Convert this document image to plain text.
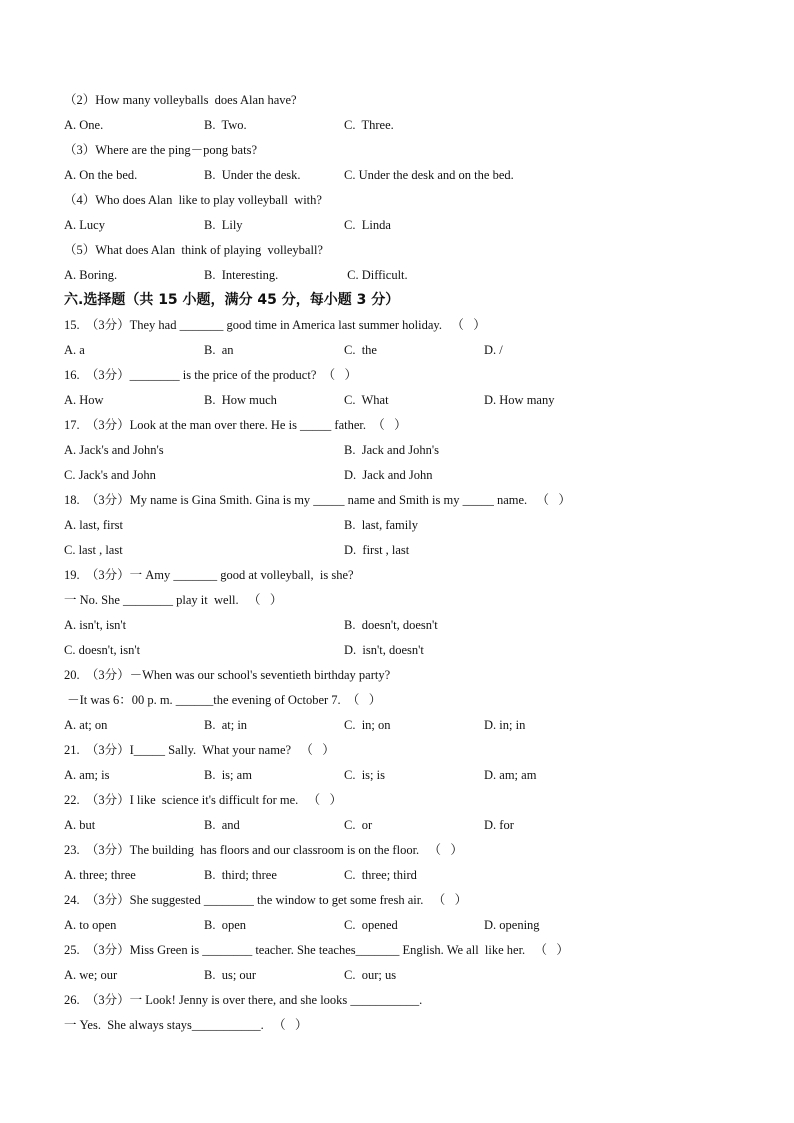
（2）How many volleyballs  does Alan have?
A. One.	B.  Two.	C.  Three.
（3）Where are the ping－pong bats?
A. On the bed.	B.  Under the desk.	C. Under the desk and on the bed.
（4）Who does Alan  like to play volleyball  with?
A. Lucy	B.  Lily	C.  Linda
（5）What does Alan  think of playing  volleyball?
A. Boring.	B.  Interesting.	C. Difficult.
六.选择题（共 15 小题，满分 45 分，每小题 3 分）
15.  （3分）They had _______ good time in America last summer holiday.   （   ）
A. a	B.  an	C.  the	D. /
16.  （3分）________ is the price of the product?  （   ）
A. How	B.  How much	C.  What	D. How many
17.  （3分）Look at the man over there. He is _____ father.  （   ）
A. Jack's and John's	B.  Jack and John's
C. Jack's and John	D.  Jack and John
18.  （3分）My name is Gina Smith. Gina is my _____ name and Smith is my _____ name.   （   ）
A. last, first	B.  last, family
C. last , last	D.  first , last
19.  （3分）一 Amy _______ good at volleyball,  is she?
一 No. She ________ play it  well.   （   ）
A. isn't, isn't	B.  doesn't, doesn't
C. doesn't, isn't	D.  isn't, doesn't
20.  （3分）－When was our school's seventieth birthday party?
－It was 6：00 p. m. ______the evening of October 7.  （   ）
A. at; on	B.  at; in	C.  in; on	D. in; in
21.  （3分）I_____ Sally.  What your name?   （   ）
A. am; is	B.  is; am	C.  is; is	D. am; am
22.  （3分）I like  science it's difficult for me.   （   ）
A. but	B.  and	C.  or	D. for
23.  （3分）The building  has floors and our classroom is on the floor.   （   ）
A. three; three	B.  third; three	C.  three; third
24.  （3分）She suggested ________ the window to get some fresh air.   （   ）
A. to open	B.  open	C.  opened	D. opening
25.  （3分）Miss Green is ________ teacher. She teaches_______ English. We all  like her.   （   ）
A. we; our	B.  us; our	C.  our; us
26.  （3分）一 Look! Jenny is over there, and she looks ___________.
一 Yes.  She always stays___________.   （   ）
